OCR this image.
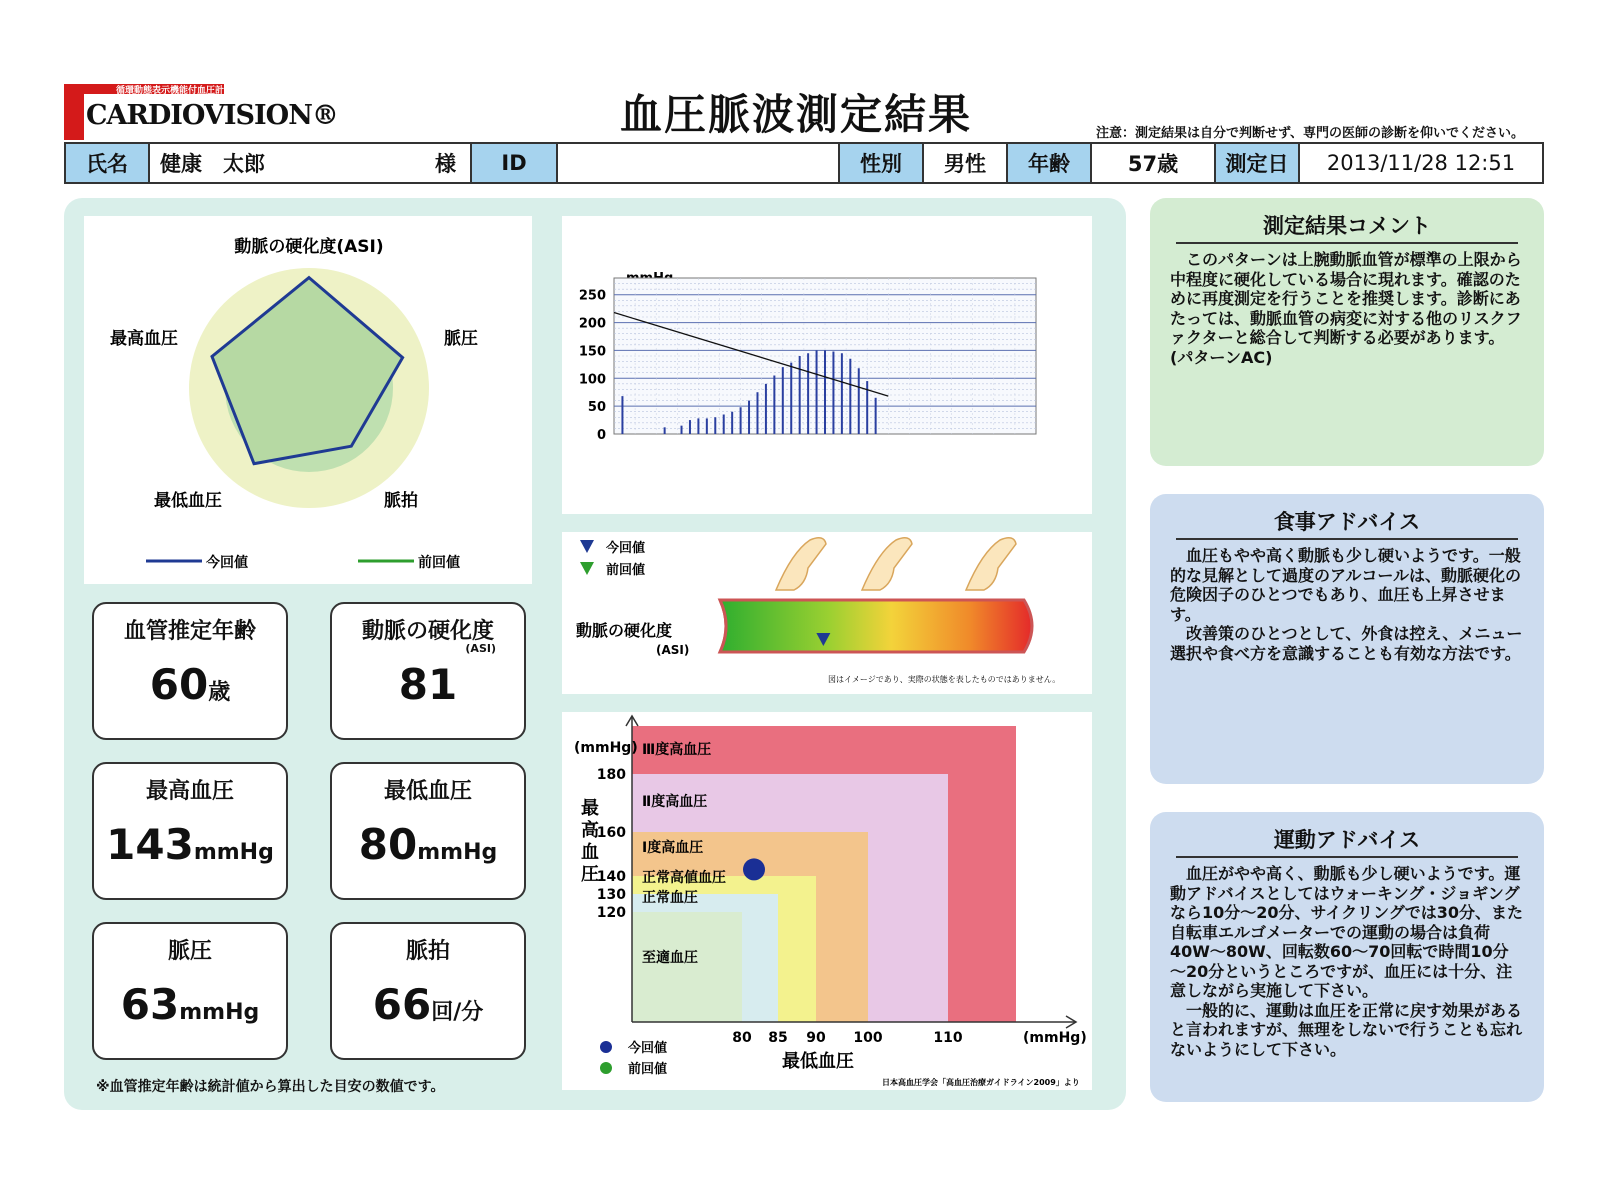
循環動態表示機能付血圧計
CARDIOVISION®	血圧脈波測定結果	注意：測定結果は自分で判断せず、専門の医師の診断を仰いでください。
氏名	健康　太郎	様	ID	性別	男性	年齢	57歳	測定日	2013/11/28 12:51
動脈の硬化度(ASI)
脈圧
脈拍
最低血圧
最高血圧
今回値	前回値
血管推定年齢
60歳
動脈の硬化度
(ASI)
81
最高血圧
143mmHg
最低血圧
80mmHg
脈圧
63mmHg
脈拍
66回/分
※血管推定年齢は統計値から算出した目安の数値です。
0
50
100
150
200
250
今回値
前回値
動脈の硬化度
(ASI)
図はイメージであり、実際の状態を表したものではありません。
(mmHg)
最
高
血
圧
(mmHg)
最低血圧
80 85 90 100	110
120
130
140
160
180
Ⅲ度高血圧
Ⅱ度高血圧
Ⅰ度高血圧
正常高値血圧
正常血圧
至適血圧
今回値
前回値
日本高血圧学会「高血圧治療ガイドライン2009」より
測定結果コメント
　このパターンは上腕動脈血管が標準の上限から中程度に硬化している場合に現れます。確認のために再度測定を行うことを推奨します。診断にあたっては、動脈血管の病変に対する他のリスクファクターと総合して判断する必要があります。(パターンAC)
食事アドバイス
　血圧もやや高く動脈も少し硬いようです。一般的な見解として過度のアルコールは、動脈硬化の危険因子のひとつでもあり、血圧も上昇させます。
　改善策のひとつとして、外食は控え、メニュー選択や食べ方を意識することも有効な方法です。
運動アドバイス
　血圧がやや高く、動脈も少し硬いようです。運動アドバイスとしてはウォーキング・ジョギングなら10分～20分、サイクリングでは30分、また自転車エルゴメーターでの運動の場合は負荷40W～80W、回転数60～70回転で時間10分～20分というところですが、血圧には十分、注意しながら実施して下さい。
　一般的に、運動は血圧を正常に戻す効果があると言われますが、無理をしないで行うことも忘れないようにして下さい。
